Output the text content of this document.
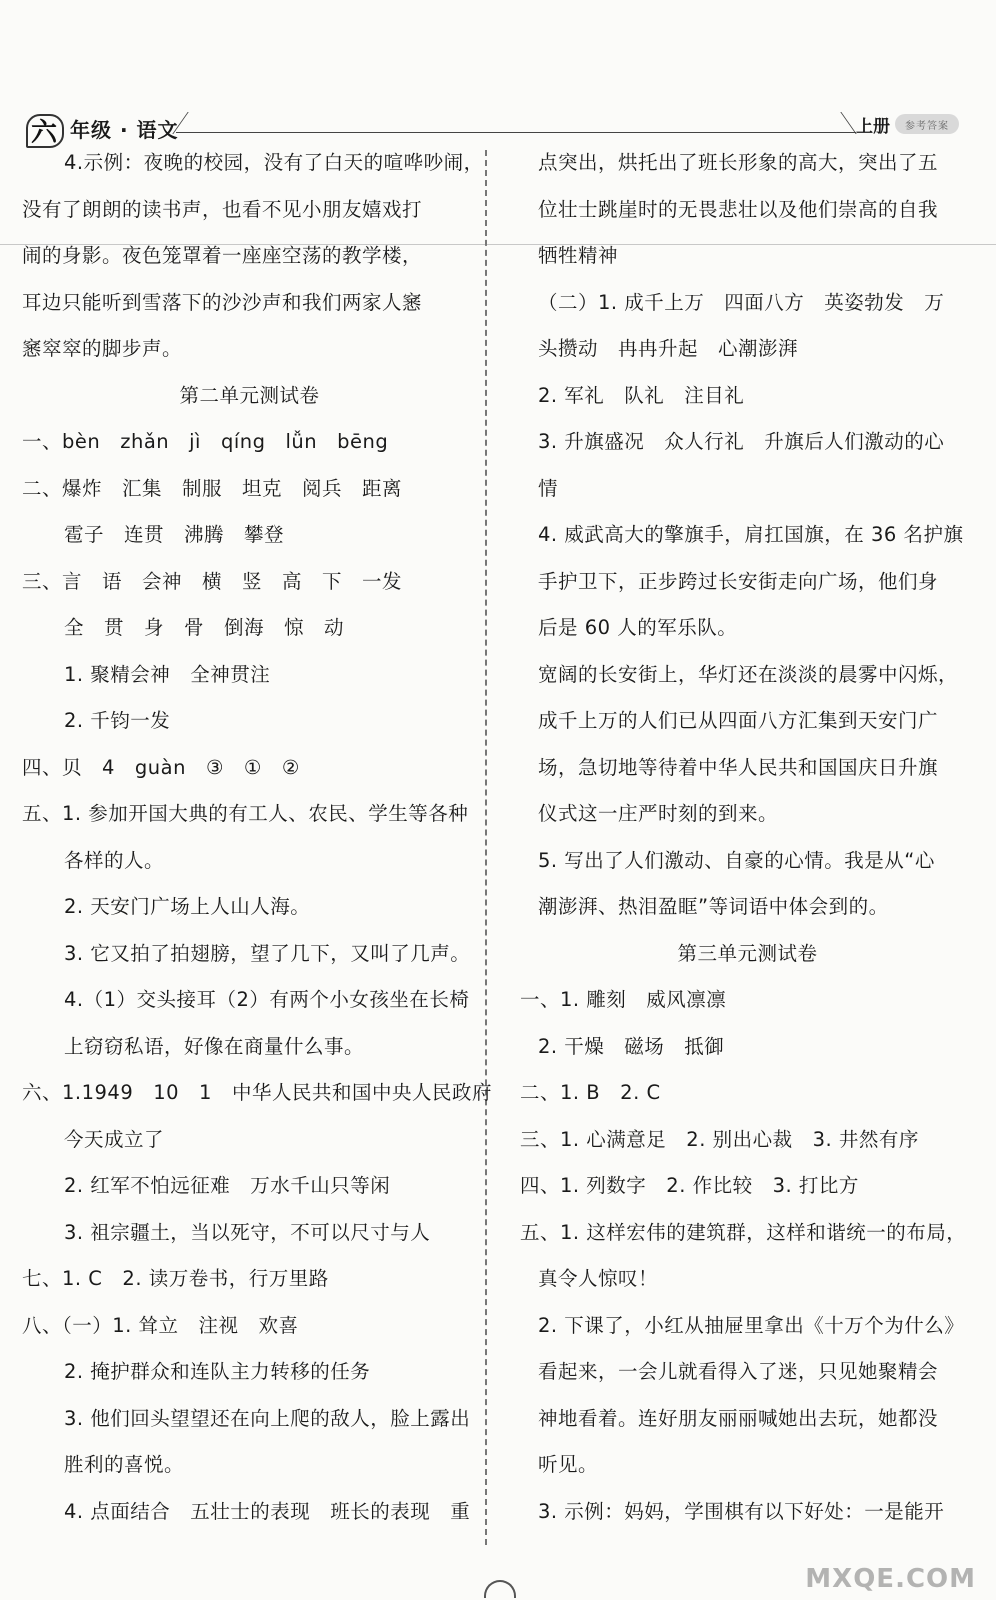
六 年级 · 语文	上册	参考答案
4.示例：夜晚的校园，没有了白天的喧哗吵闹，
没有了朗朗的读书声，也看不见小朋友嬉戏打
闹的身影。夜色笼罩着一座座空荡的教学楼，
耳边只能听到雪落下的沙沙声和我们两家人窸
窸窣窣的脚步声。
第二单元测试卷
一、bèn　zhǎn　jì　qíng　lǚn　bēng
二、爆炸　汇集　制服　坦克　阅兵　距离
雹子　连贯　沸腾　攀登
三、言　语　会神　横　竖　高　下　一发
全　贯　身　骨　倒海　惊　动
1. 聚精会神　全神贯注
2. 千钧一发
四、贝　4　guàn　③　①　②
五、1. 参加开国大典的有工人、农民、学生等各种
各样的人。
2. 天安门广场上人山人海。
3. 它又拍了拍翅膀，望了几下，又叫了几声。
4.（1）交头接耳（2）有两个小女孩坐在长椅
上窃窃私语，好像在商量什么事。
六、1.1949　10　1　中华人民共和国中央人民政府
今天成立了
2. 红军不怕远征难　万水千山只等闲
3. 祖宗疆土，当以死守，不可以尺寸与人
七、1. C　2. 读万卷书，行万里路
八、（一）1. 耸立　注视　欢喜
2. 掩护群众和连队主力转移的任务
3. 他们回头望望还在向上爬的敌人，脸上露出
胜利的喜悦。
4. 点面结合　五壮士的表现　班长的表现　重
点突出，烘托出了班长形象的高大，突出了五
位壮士跳崖时的无畏悲壮以及他们崇高的自我
牺牲精神
（二）1. 成千上万　四面八方　英姿勃发　万
头攒动　冉冉升起　心潮澎湃
2. 军礼　队礼　注目礼
3. 升旗盛况　众人行礼　升旗后人们激动的心
情
4. 威武高大的擎旗手，肩扛国旗，在 36 名护旗
手护卫下，正步跨过长安街走向广场，他们身
后是 60 人的军乐队。
宽阔的长安街上，华灯还在淡淡的晨雾中闪烁，
成千上万的人们已从四面八方汇集到天安门广
场，急切地等待着中华人民共和国国庆日升旗
仪式这一庄严时刻的到来。
5. 写出了人们激动、自豪的心情。我是从“心
潮澎湃、热泪盈眶”等词语中体会到的。
第三单元测试卷
一、1. 雕刻　威风凛凛
2. 干燥　磁场　抵御
二、1. B　2. C
三、1. 心满意足　2. 别出心裁　3. 井然有序
四、1. 列数字　2. 作比较　3. 打比方
五、1. 这样宏伟的建筑群，这样和谐统一的布局，
真令人惊叹！
2. 下课了，小红从抽屉里拿出《十万个为什么》
看起来，一会儿就看得入了迷，只见她聚精会
神地看着。连好朋友丽丽喊她出去玩，她都没
听见。
3. 示例：妈妈，学围棋有以下好处：一是能开
MXQE.COM
